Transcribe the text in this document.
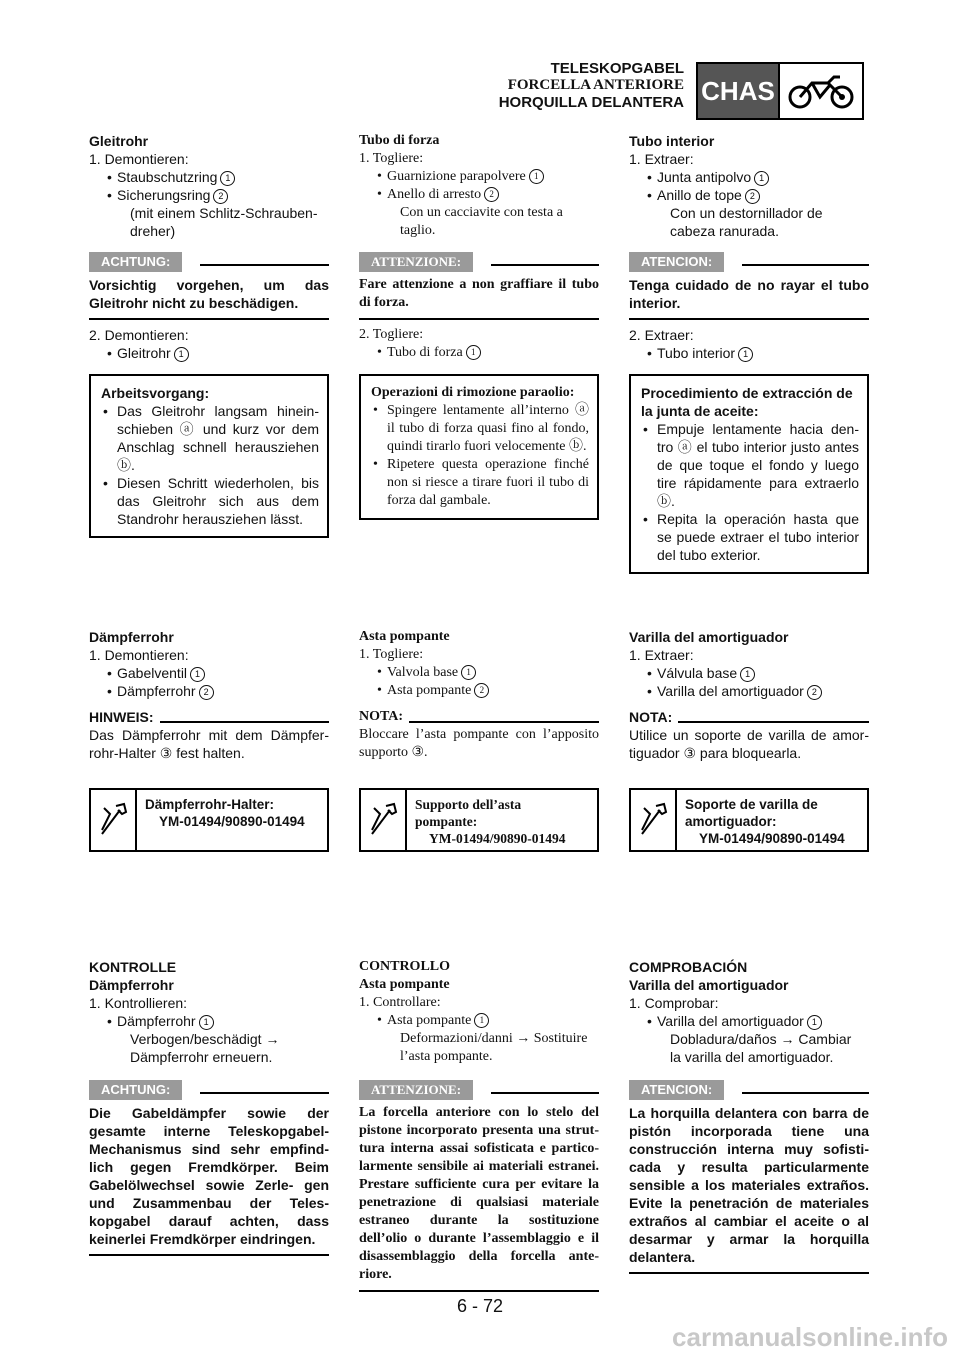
TELESKOPGABEL
FORCELLA ANTERIORE
HORQUILLA DELANTERA CHAS
Gleitrohr
1. Demontieren:
• Staubschutzring 1
• Sicherungsring 2
(mit einem Schlitz-Schrauben-
dreher)
ACHTUNG:
Vorsichtig vorgehen, um das Gleitrohr nicht zu beschädigen.
2. Demontieren:
• Gleitrohr 1
Arbeitsvorgang:
• Das Gleitrohr langsam hinein- schieben ⓐ und kurz vor dem Anschlag schnell herausziehen ⓑ.
• Diesen Schritt wiederholen, bis das Gleitrohr sich aus dem Standrohr herausziehen lässt.
Dämpferrohr
1. Demontieren:
• Gabelventil 1
• Dämpferrohr 2
HINWEIS:
Das Dämpferrohr mit dem Dämpfer- rohr-Halter ③ fest halten.
Dämpferrohr-Halter:
YM-01494/90890-01494
KONTROLLE
Dämpferrohr
1. Kontrollieren:
• Dämpferrohr 1
Verbogen/beschädigt →
Dämpferrohr erneuern.
ACHTUNG:
Die Gabeldämpfer sowie der gesamte interne Teleskopgabel- Mechanismus sind sehr empfind- lich gegen Fremdkörper. Beim Gabelölwechsel sowie Zerle- gen und Zusammenbau der Teles- kopgabel darauf achten, dass keinerlei Fremdkörper eindringen.
Tubo di forza
1. Togliere:
• Guarnizione parapolvere 1
• Anello di arresto 2
Con un cacciavite con testa a
taglio.
ATTENZIONE:
Fare attenzione a non graffiare il tubo di forza.
2. Togliere:
• Tubo di forza 1
Operazioni di rimozione paraolio:
• Spingere lentamente all’interno ⓐ il tubo di forza quasi fino al fondo, quindi tirarlo fuori velocemente ⓑ.
• Ripetere questa operazione finché non si riesce a tirare fuori il tubo di forza dal gambale.
Asta pompante
1. Togliere:
• Valvola base 1
• Asta pompante 2
NOTA:
Bloccare l’asta pompante con l’apposito supporto ③.
Supporto dell’asta
pompante:
YM-01494/90890-01494
CONTROLLO
Asta pompante
1. Controllare:
• Asta pompante 1
Deformazioni/danni → Sostituire
l’asta pompante.
ATTENZIONE:
La forcella anteriore con lo stelo del pistone incorporato presenta una strut- tura interna assai sofisticata e partico- larmente sensibile ai materiali estranei. Prestare sufficiente cura per evitare la penetrazione di qualsiasi materiale estraneo durante la sostituzione dell’olio o durante l’assemblaggio e il disassemblaggio della forcella ante- riore.
Tubo interior
1. Extraer:
• Junta antipolvo 1
• Anillo de tope 2
Con un destornillador de
cabeza ranurada.
ATENCION:
Tenga cuidado de no rayar el tubo interior.
2. Extraer:
• Tubo interior 1
Procedimiento de extracción de la junta de aceite:
• Empuje lentamente hacia den- tro ⓐ el tubo interior justo antes de que toque el fondo y luego tire rápidamente para extraerlo ⓑ.
• Repita la operación hasta que se puede extraer el tubo interior del tubo exterior.
Varilla del amortiguador
1. Extraer:
• Válvula base 1
• Varilla del amortiguador 2
NOTA:
Utilice un soporte de varilla de amor- tiguador ③ para bloquearla.
Soporte de varilla de
amortiguador:
YM-01494/90890-01494
COMPROBACIÓN
Varilla del amortiguador
1. Comprobar:
• Varilla del amortiguador 1
Dobladura/daños → Cambiar
la varilla del amortiguador.
ATENCION:
La horquilla delantera con barra de pistón incorporada tiene una construcción interna muy sofisti- cada y resulta particularmente sensible a los materiales extraños. Evite la penetración de materiales extraños al cambiar el aceite o al desarmar y armar la horquilla delantera.
6 - 72
carmanualsonline.info
